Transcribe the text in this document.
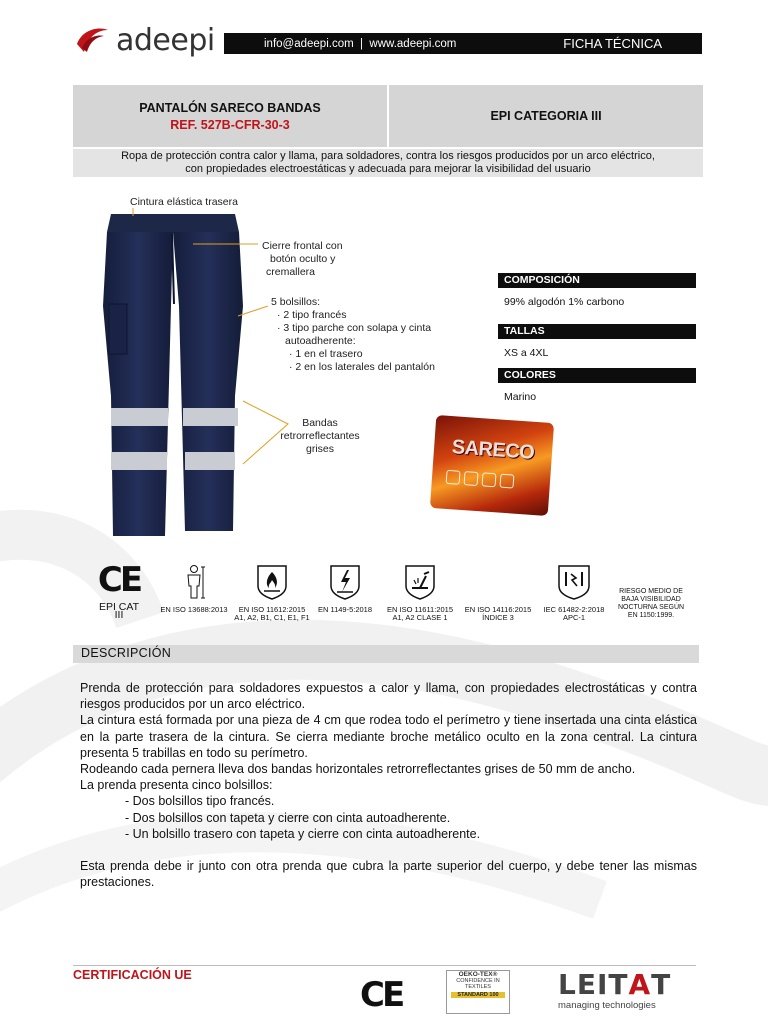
adeepi	info@adeepi.com  |  www.adeepi.com	FICHA TÉCNICA
PANTALÓN SARECO BANDAS
REF. 527B-CFR-30-3
EPI CATEGORIA III
Ropa de protección contra calor y llama, para soldadores, contra los riesgos producidos por un arco eléctrico,
con propiedades electroestáticas y adecuada para mejorar la visibilidad del usuario
Cintura elástica trasera
Cierre frontal con
botón oculto y
cremallera
5 bolsillos:
· 2 tipo francés
· 3 tipo parche con solapa y cinta
autoadherente:
· 1 en el trasero
· 2 en los laterales del pantalón
Bandas
retrorreflectantes
grises
COMPOSICIÓN
99% algodón 1% carbono
TALLAS
XS a 4XL
COLORES
Marino
SARECO
CE
EPI CAT III	EN ISO 13688:2013	EN ISO 11612:2015
A1, A2, B1, C1, E1, F1
EN 1149-5:2018	EN ISO 11611:2015
A1, A2 CLASE 1
EN ISO 14116:2015
ÍNDICE 3
IEC 61482-2:2018
APC-1
RIESGO MEDIO DE
BAJA VISIBILIDAD
NOCTURNA SEGÚN
EN 1150:1999.
DESCRIPCIÓN
Prenda de protección para soldadores expuestos a calor y llama, con propiedades electrostáticas y contra riesgos producidos por un arco eléctrico.
La cintura está formada por una pieza de 4 cm que rodea todo el perímetro y tiene insertada una cinta elástica en la parte trasera de la cintura. Se cierra mediante broche metálico oculto en la zona central. La cintura presenta 5 trabillas en todo su perímetro.
Rodeando cada pernera lleva dos bandas horizontales retrorreflectantes grises de 50 mm de ancho.
La prenda presenta cinco bolsillos:
- Dos bolsillos tipo francés.
- Dos bolsillos con tapeta y cierre con cinta autoadherente.
- Un bolsillo trasero con tapeta y cierre con cinta autoadherente.
Esta prenda debe ir junto con otra prenda que cubra la parte superior del cuerpo, y debe tener las mismas prestaciones.
CERTIFICACIÓN UE	CE
OEKO-TEX®
CONFIDENCE IN TEXTILES
STANDARD 100 LEITAT
managing technologies
